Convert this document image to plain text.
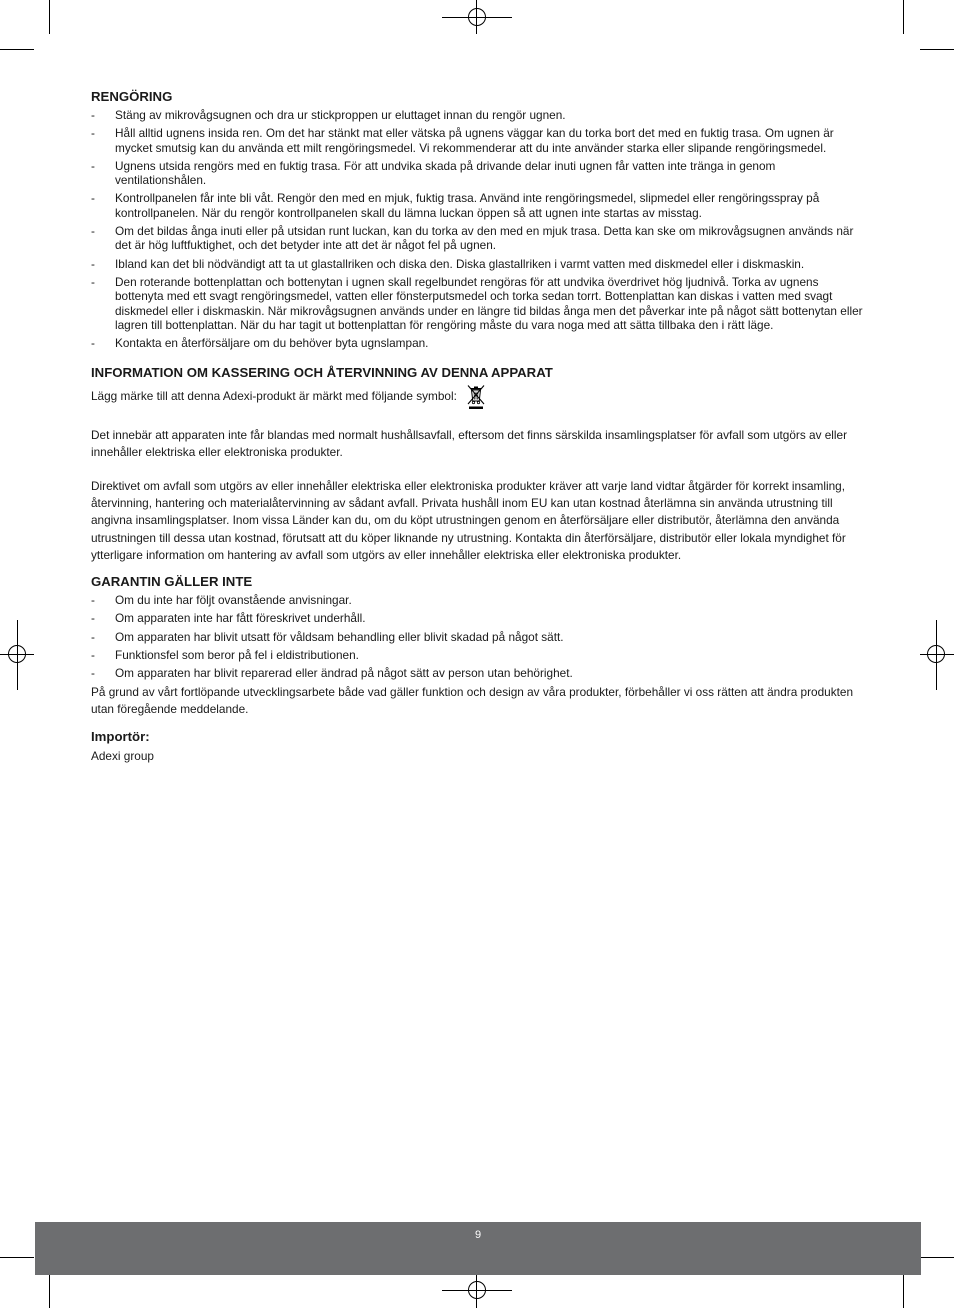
RENGÖRING
- Stäng av mikrovågsugnen och dra ur stickproppen ur eluttaget innan du rengör ugnen.
- Håll alltid ugnens insida ren. Om det har stänkt mat eller vätska på ugnens väggar kan du torka bort det med en fuktig trasa. Om ugnen är mycket smutsig kan du använda ett milt rengöringsmedel. Vi rekommenderar att du inte använder starka eller slipande rengöringsmedel.
- Ugnens utsida rengörs med en fuktig trasa. För att undvika skada på drivande delar inuti ugnen får vatten inte tränga in genom ventilationshålen.
- Kontrollpanelen får inte bli våt. Rengör den med en mjuk, fuktig trasa. Använd inte rengöringsmedel, slipmedel eller rengöringsspray på kontrollpanelen. När du rengör kontrollpanelen skall du lämna luckan öppen så att ugnen inte startas av misstag.
- Om det bildas ånga inuti eller på utsidan runt luckan, kan du torka av den med en mjuk trasa. Detta kan ske om mikrovågsugnen används när det är hög luftfuktighet, och det betyder inte att det är något fel på ugnen.
- Ibland kan det bli nödvändigt att ta ut glastallriken och diska den. Diska glastallriken i varmt vatten med diskmedel eller i diskmaskin.
- Den roterande bottenplattan och bottenytan i ugnen skall regelbundet rengöras för att undvika överdrivet hög ljudnivå. Torka av ugnens bottenyta med ett svagt rengöringsmedel, vatten eller fönsterputsmedel och torka sedan torrt. Bottenplattan kan diskas i vatten med svagt diskmedel eller i diskmaskin. När mikrovågsugnen används under en längre tid bildas ånga men det påverkar inte på något sätt bottenytan eller lagren till bottenplattan. När du har tagit ut bottenplattan för rengöring måste du vara noga med att sätta tillbaka den i rätt läge.
- Kontakta en återförsäljare om du behöver byta ugnslampan.
INFORMATION OM KASSERING OCH ÅTERVINNING AV DENNA APPARAT

Lägg märke till att denna Adexi-produkt är märkt med följande symbol:

Det innebär att apparaten inte får blandas med normalt hushållsavfall, eftersom det finns särskilda insamlingsplatser för avfall som utgörs av eller innehåller elektriska eller elektroniska produkter.

Direktivet om avfall som utgörs av eller innehåller elektriska eller elektroniska produkter kräver att varje land vidtar åtgärder för korrekt insamling, återvinning, hantering och materialåtervinning av sådant avfall. Privata hushåll inom EU kan utan kostnad återlämna sin använda utrustning till angivna insamlingsplatser. Inom vissa Länder kan du, om du köpt utrustningen genom en återförsäljare eller distributör, återlämna den använda utrustningen till dessa utan kostnad, förutsatt att du köper liknande ny utrustning. Kontakta din återförsäljare, distributör eller lokala myndighet för ytterligare information om hantering av avfall som utgörs av eller innehåller elektriska eller elektroniska produkter.

GARANTIN GÄLLER INTE
- Om du inte har följt ovanstående anvisningar.
- Om apparaten inte har fått föreskrivet underhåll.
- Om apparaten har blivit utsatt för våldsam behandling eller blivit skadad på något sätt.
- Funktionsfel som beror på fel i eldistributionen.
- Om apparaten har blivit reparerad eller ändrad på något sätt av person utan behörighet.

På grund av vårt fortlöpande utvecklingsarbete både vad gäller funktion och design av våra produkter, förbehåller vi oss rätten att ändra produkten utan föregående meddelande.

Importör:

Adexi group

9
